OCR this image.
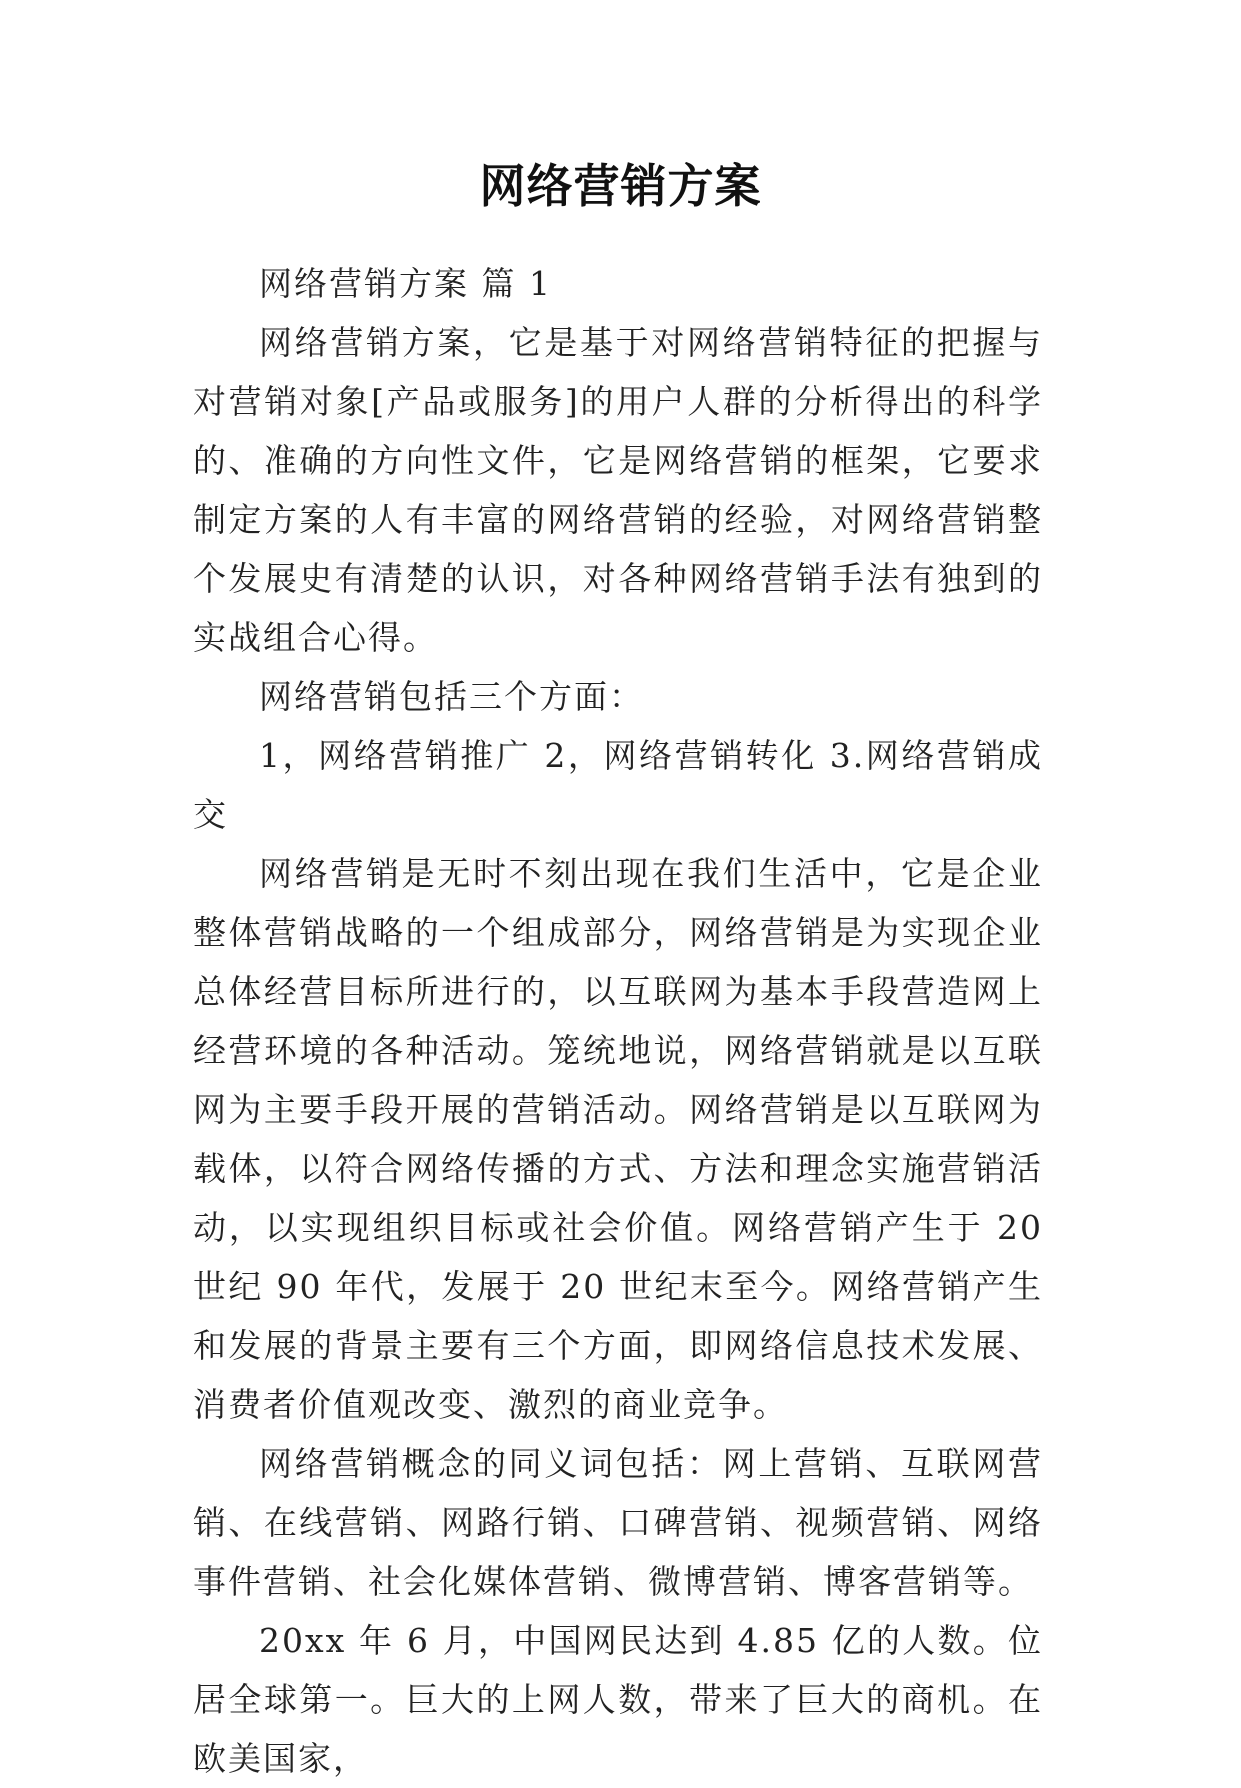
网络营销方案

网络营销方案 篇 1

网络营销方案，它是基于对网络营销特征的把握与对营销对象[产品或服务]的用户人群的分析得出的科学的、准确的方向性文件，它是网络营销的框架，它要求制定方案的人有丰富的网络营销的经验，对网络营销整个发展史有清楚的认识，对各种网络营销手法有独到的实战组合心得。

网络营销包括三个方面：

1，网络营销推广 2，网络营销转化 3.网络营销成交

网络营销是无时不刻出现在我们生活中，它是企业整体营销战略的一个组成部分，网络营销是为实现企业总体经营目标所进行的，以互联网为基本手段营造网上经营环境的各种活动。笼统地说，网络营销就是以互联网为主要手段开展的营销活动。网络营销是以互联网为载体，以符合网络传播的方式、方法和理念实施营销活动，以实现组织目标或社会价值。网络营销产生于 20 世纪 90 年代，发展于 20 世纪末至今。网络营销产生和发展的背景主要有三个方面，即网络信息技术发展、消费者价值观改变、激烈的商业竞争。

网络营销概念的同义词包括：网上营销、互联网营销、在线营销、网路行销、口碑营销、视频营销、网络事件营销、社会化媒体营销、微博营销、博客营销等。

20xx 年 6 月，中国网民达到 4.85 亿的人数。位居全球第一。巨大的上网人数，带来了巨大的商机。在欧美国家，
